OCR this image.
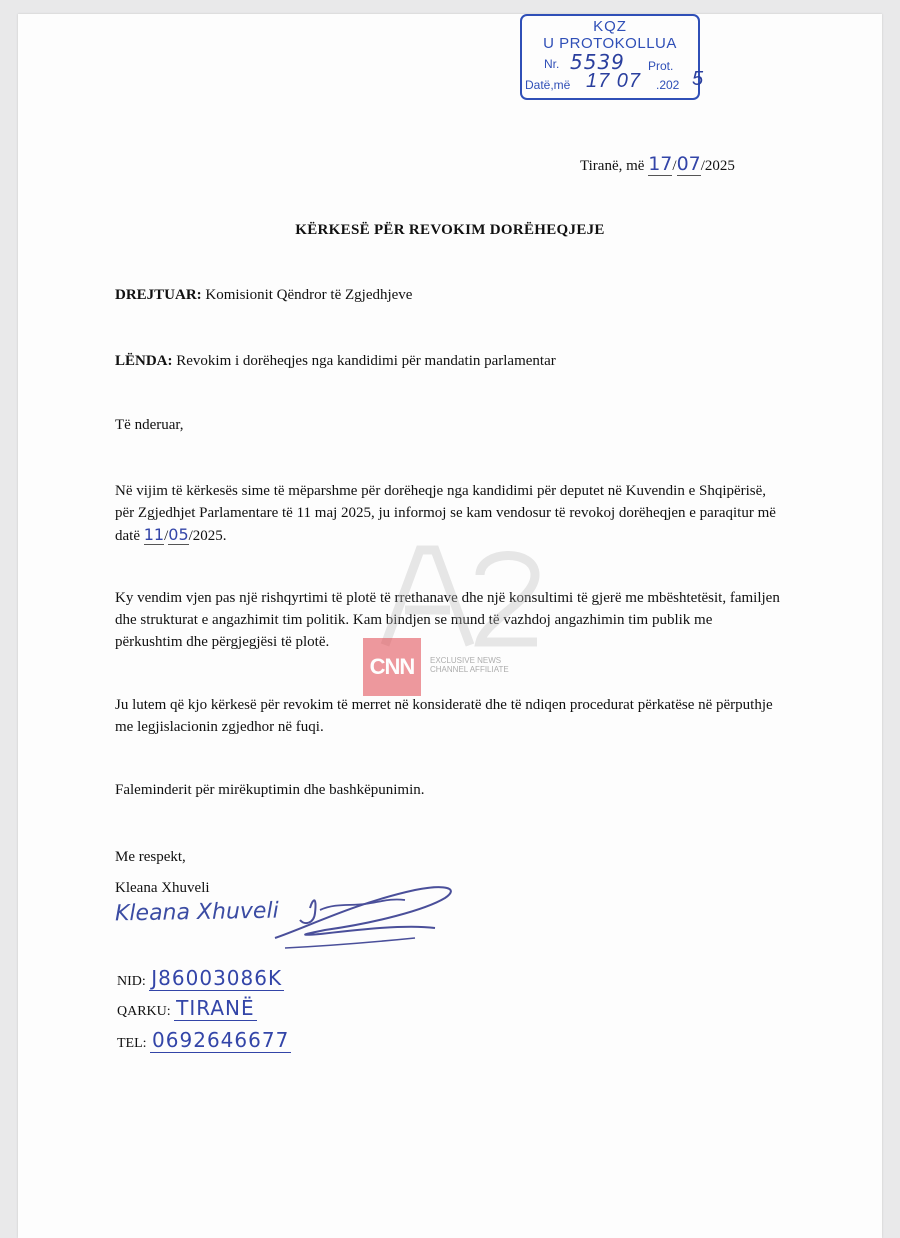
KQZ
U PROTOKOLLUA
Nr. 5539 Prot.
Datë,më 17 07 .202 5
Tiranë, më 17/07/2025
KËRKESË PËR REVOKIM DORËHEQJEJE
DREJTUAR: Komisionit Qëndror të Zgjedhjeve
LËNDA: Revokim i dorëheqjes nga kandidimi për mandatin parlamentar
Të nderuar,
Në vijim të kërkesës sime të mëparshme për dorëheqje nga kandidimi për deputet në Kuvendin e Shqipërisë, për Zgjedhjet Parlamentare të 11 maj 2025, ju informoj se kam vendosur të revokoj dorëheqjen e paraqitur më datë 11/05/2025.
Ky vendim vjen pas një rishqyrtimi të plotë të rrethanave dhe një konsultimi të gjerë me mbështetësit, familjen dhe strukturat e angazhimit tim politik. Kam bindjen se mund të vazhdoj angazhimin tim publik me përkushtim dhe përgjegjësi të plotë.
Ju lutem që kjo kërkesë për revokim të merret në konsideratë dhe të ndiqen procedurat përkatëse në përputhje me legjislacionin zgjedhor në fuqi.
Faleminderit për mirëkuptimin dhe bashkëpunimin.
Me respekt,
Kleana Xhuveli
Kleana Xhuveli
NID: J86003086K
QARKU: TIRANË
TEL: 0692646677
CNN	EXCLUSIVE NEWS
CHANNEL AFFILIATE
